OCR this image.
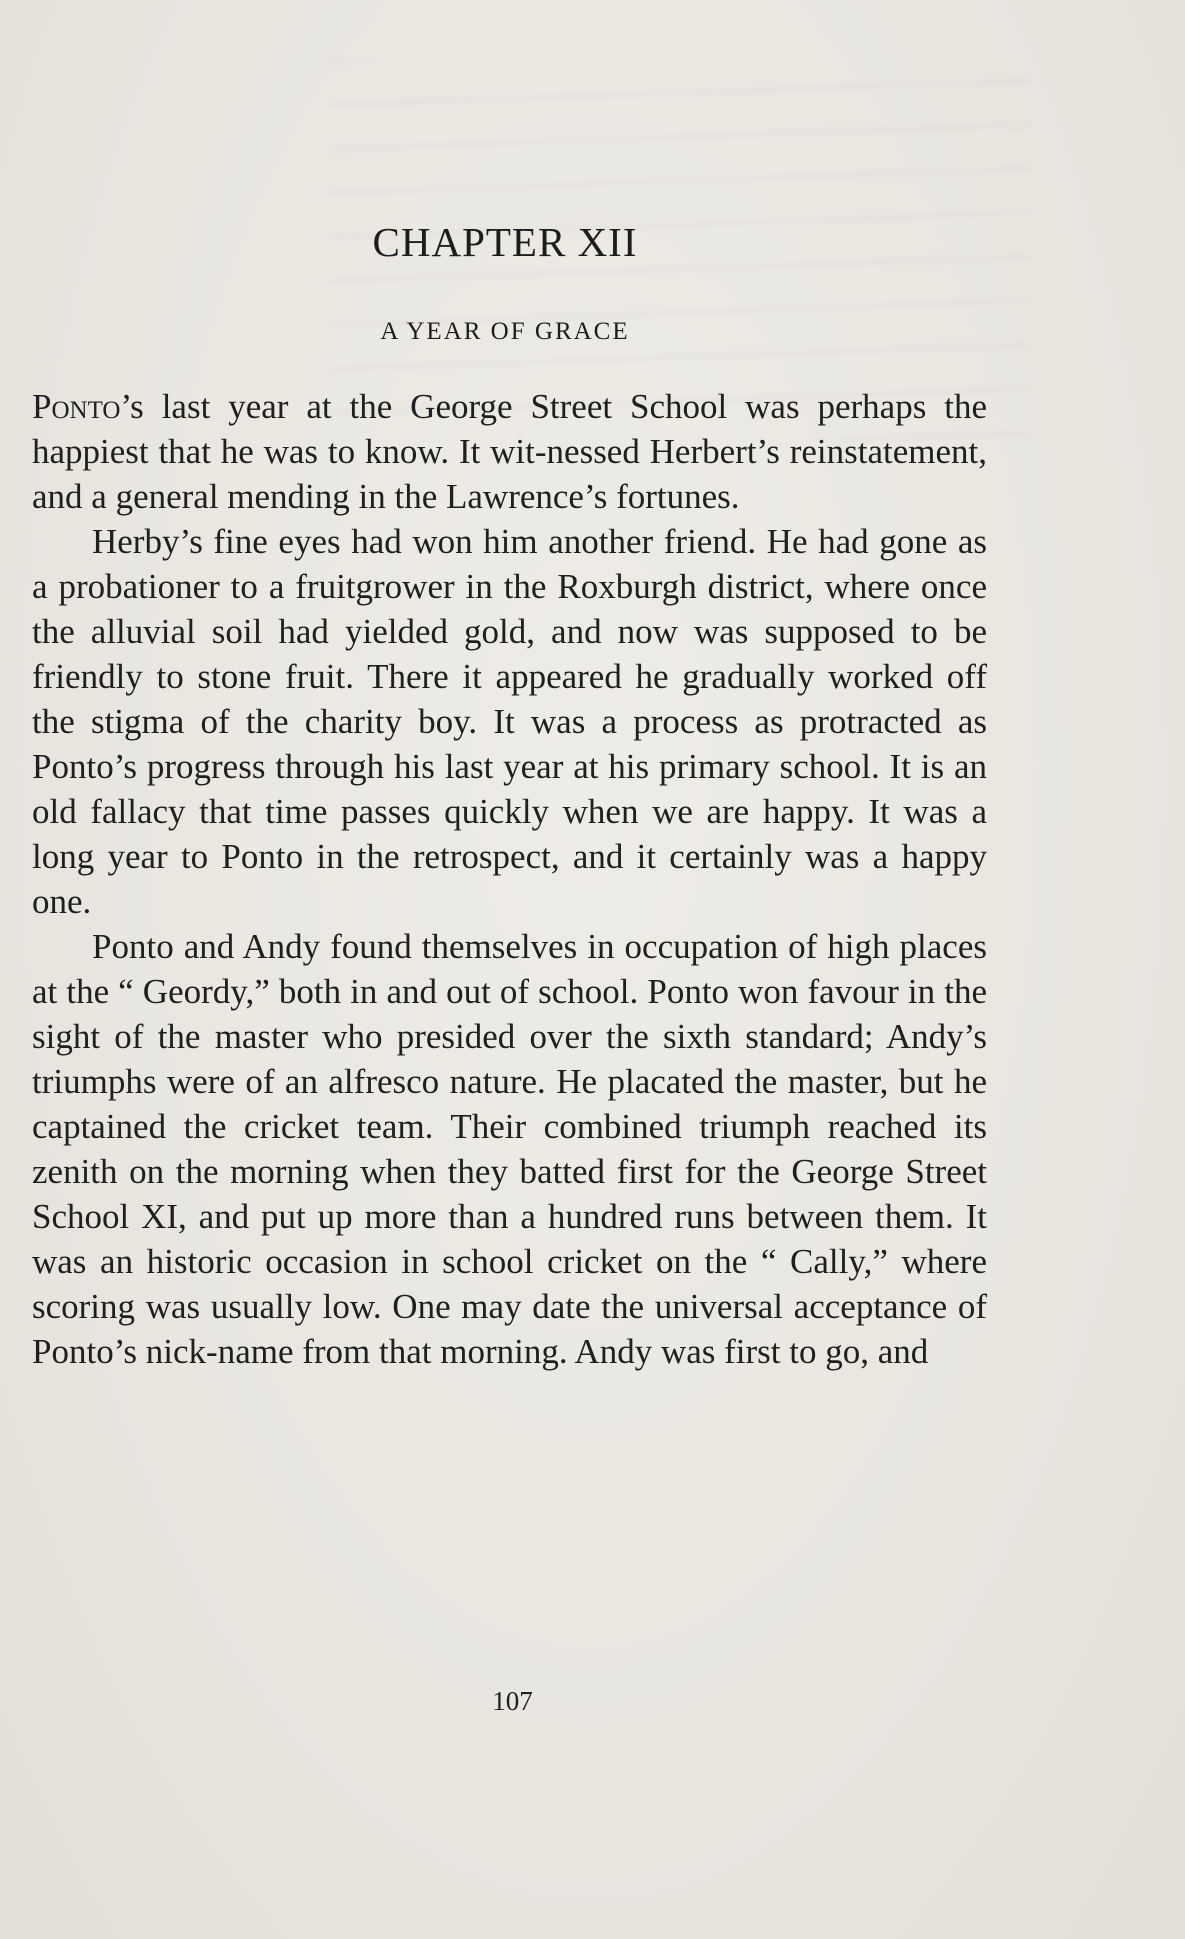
CHAPTER XII
A YEAR OF GRACE

Ponto’s last year at the George Street School was perhaps the happiest that he was to know. It wit-nessed Herbert’s reinstatement, and a general mending in the Lawrence’s fortunes.

Herby’s fine eyes had won him another friend. He had gone as a probationer to a fruitgrower in the Roxburgh district, where once the alluvial soil had yielded gold, and now was supposed to be friendly to stone fruit. There it appeared he gradually worked off the stigma of the charity boy. It was a process as protracted as Ponto’s progress through his last year at his primary school. It is an old fallacy that time passes quickly when we are happy. It was a long year to Ponto in the retrospect, and it certainly was a happy one.

Ponto and Andy found themselves in occupation of high places at the “ Geordy,” both in and out of school. Ponto won favour in the sight of the master who presided over the sixth standard; Andy’s triumphs were of an alfresco nature. He placated the master, but he captained the cricket team. Their combined triumph reached its zenith on the morning when they batted first for the George Street School XI, and put up more than a hundred runs between them. It was an historic occasion in school cricket on the “ Cally,” where scoring was usually low. One may date the universal acceptance of Ponto’s nick-name from that morning. Andy was first to go, and

107
